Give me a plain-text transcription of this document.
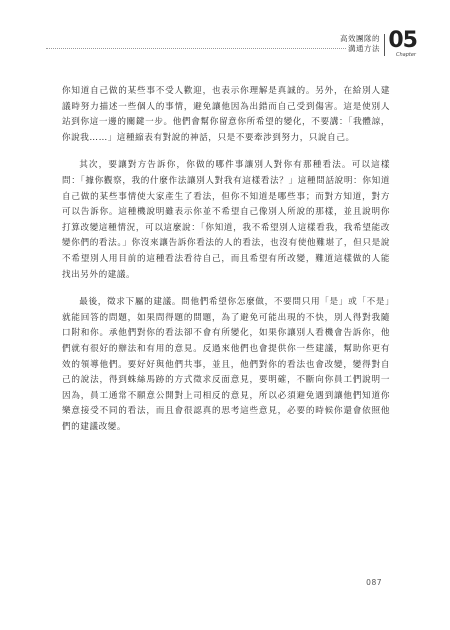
高效團隊的
溝通方法 05
Chapter

你知道自己做的某些事不受人歡迎，也表示你理解是真誠的。另外，在給別人建議時努力描述一些個人的事情，避免讓他因為出錯而自己受到傷害。這是使別人站到你這一邊的關鍵一步。他們會幫你留意你所希望的變化，不要講：「我體諒，你說我……」這種縮表有對說的神話，只是不要牽涉到努力，只說自己。

其次，要讓對方告訴你，你做的哪件事讓別人對你有那種看法。可以這樣問：「據你觀察，我的什麼作法讓別人對我有這樣看法？」這種問話說明：你知道自己做的某些事情使大家產生了看法，但你不知道是哪些事；而對方知道，對方可以告訴你。這種機說明雖表示你並不希望自己像別人所說的那樣，並且說明你打算改變這種情況，可以這麼說：「你知道，我不希望別人這樣看我，我希望能改變你們的看法。」你沒來讓告訴你看法的人的看法，也沒有使他難堪了，但只是說不希望別人用目前的這種看法看待自己，而且希望有所改變，難道這樣做的人能找出另外的建議。

最後，徵求下屬的建議。問他們希望你怎麼做，不要問只用「是」或「不是」就能回答的問題，如果問得題的問題，為了避免可能出現的不快，別人得對我隨口附和你。承他們對你的看法卻不會有所變化，如果你讓別人看機會告訴你，他們就有很好的辦法和有用的意見。反過來他們也會提供你一些建議，幫助你更有效的領導他們。要好好與他們共事，並且，他們對你的看法也會改變，變得對自己的說法，得到蛛絲馬跡的方式徵求反面意見，要明確，不斷向你員工們說明一因為，員工通常不願意公開對上司相反的意見，所以必須避免遇到讓他們知道你樂意接受不同的看法，而且會很認真的思考這些意見，必要的時候你還會依照他們的建議改變。

087
